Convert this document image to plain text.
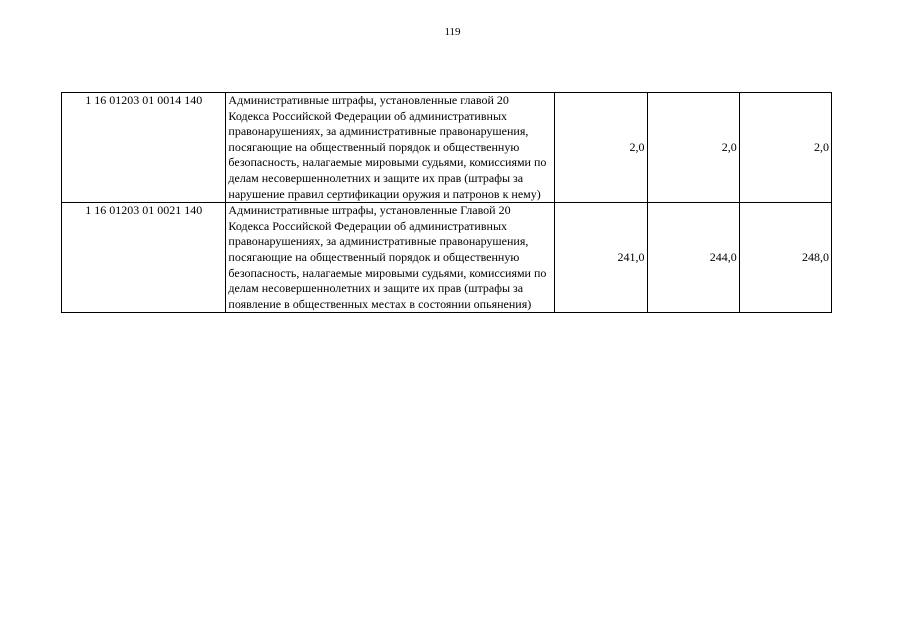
119
1 16 01203 01 0014 140	Административные штрафы, установленные главой 20 Кодекса Российской Федерации об административных правонарушениях, за административные правонарушения, посягающие на общественный порядок и общественную безопасность, налагаемые мировыми судьями, комиссиями по делам несовершеннолетних и защите их прав (штрафы за нарушение правил сертификации оружия и патронов к нему)	2,0	2,0	2,0
1 16 01203 01 0021 140	Административные штрафы, установленные Главой 20 Кодекса Российской Федерации об административных правонарушениях, за административные правонарушения, посягающие на общественный порядок и общественную безопасность, налагаемые мировыми судьями, комиссиями по делам несовершеннолетних и защите их прав (штрафы за появление в общественных местах в состоянии опьянения)	241,0	244,0	248,0
